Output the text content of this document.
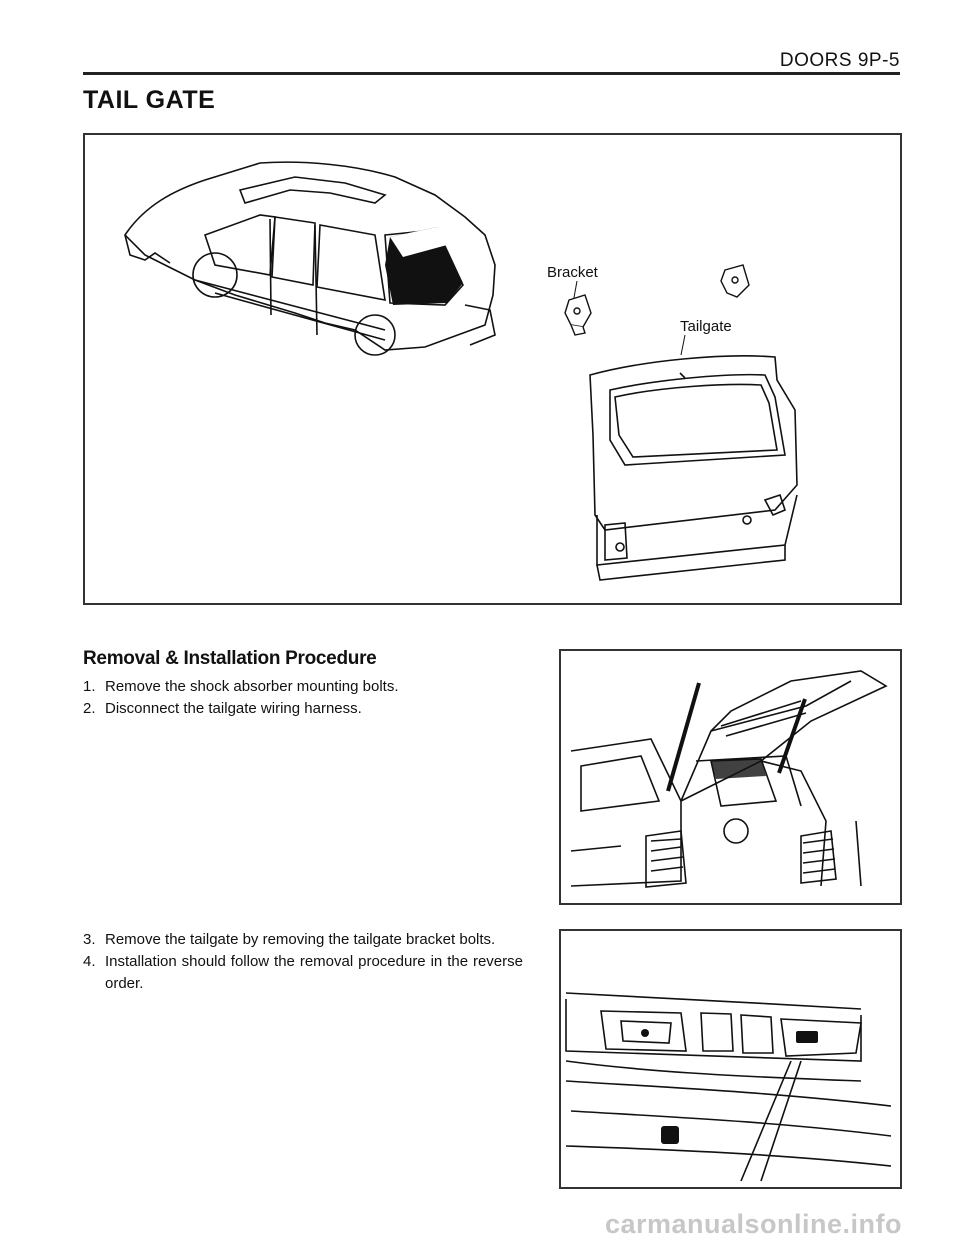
DOORS 9P-5
TAIL GATE
Bracket
Tailgate
Removal & Installation Procedure
1. Remove the shock absorber mounting bolts.
2. Disconnect the tailgate wiring harness.
3. Remove the tailgate by removing the tailgate bracket bolts.
4. Installation should follow the removal procedure in the reverse order.
carmanualsonline.info
